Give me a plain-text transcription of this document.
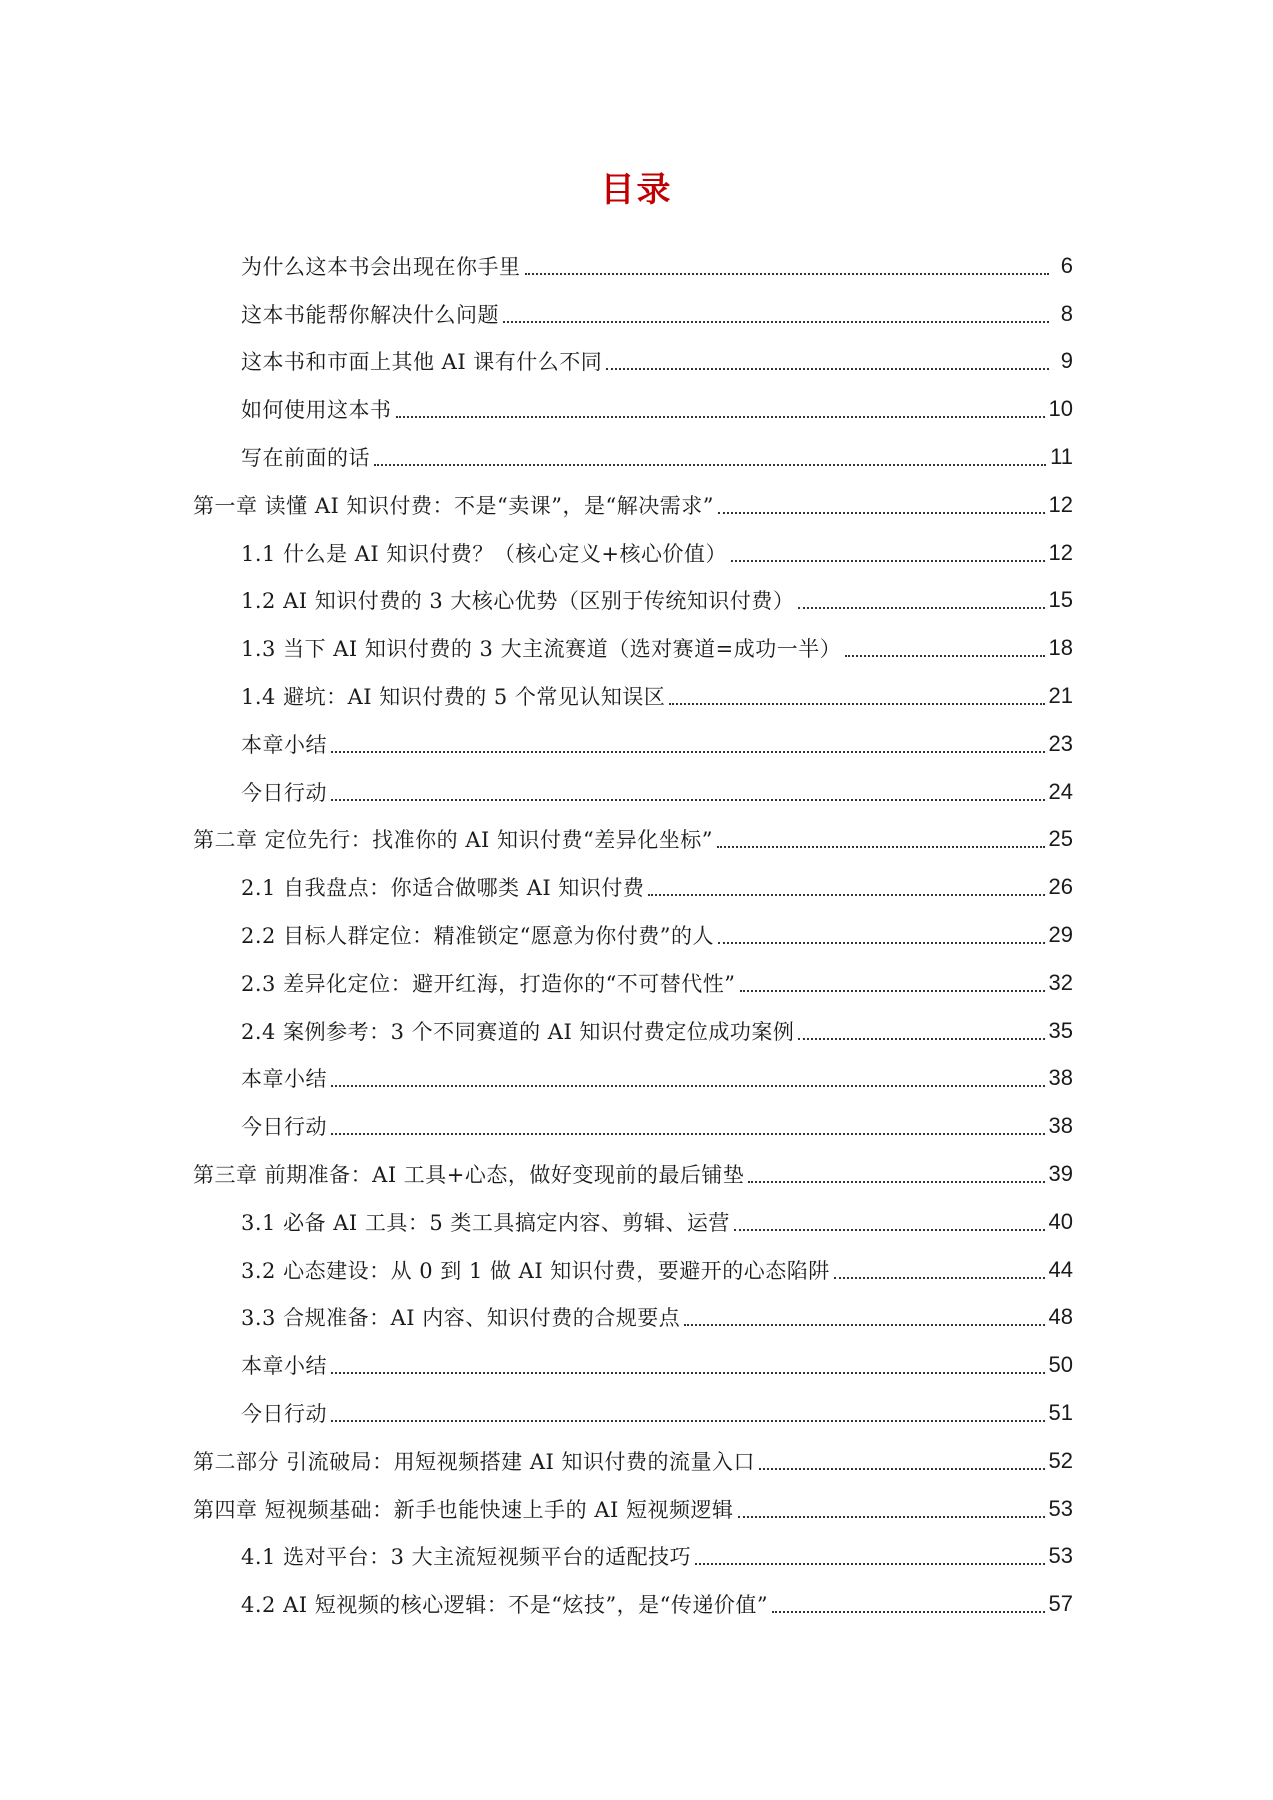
目录
为什么这本书会出现在你手里	6
这本书能帮你解决什么问题	8
这本书和市面上其他 AI 课有什么不同	9
如何使用这本书	10
写在前面的话	11
第一章 读懂 AI 知识付费：不是“卖课”，是“解决需求”	12
1.1 什么是 AI 知识付费？（核心定义+核心价值）	12
1.2 AI 知识付费的 3 大核心优势（区别于传统知识付费）	15
1.3 当下 AI 知识付费的 3 大主流赛道（选对赛道=成功一半）	18
1.4 避坑：AI 知识付费的 5 个常见认知误区	21
本章小结	23
今日行动	24
第二章 定位先行：找准你的 AI 知识付费“差异化坐标”	25
2.1 自我盘点：你适合做哪类 AI 知识付费	26
2.2 目标人群定位：精准锁定“愿意为你付费”的人	29
2.3 差异化定位：避开红海，打造你的“不可替代性”	32
2.4 案例参考：3 个不同赛道的 AI 知识付费定位成功案例	35
本章小结	38
今日行动	38
第三章 前期准备：AI 工具+心态，做好变现前的最后铺垫	39
3.1 必备 AI 工具：5 类工具搞定内容、剪辑、运营	40
3.2 心态建设：从 0 到 1 做 AI 知识付费，要避开的心态陷阱	44
3.3 合规准备：AI 内容、知识付费的合规要点	48
本章小结	50
今日行动	51
第二部分 引流破局：用短视频搭建 AI 知识付费的流量入口	52
第四章 短视频基础：新手也能快速上手的 AI 短视频逻辑	53
4.1 选对平台：3 大主流短视频平台的适配技巧	53
4.2 AI 短视频的核心逻辑：不是“炫技”，是“传递价值”	57
